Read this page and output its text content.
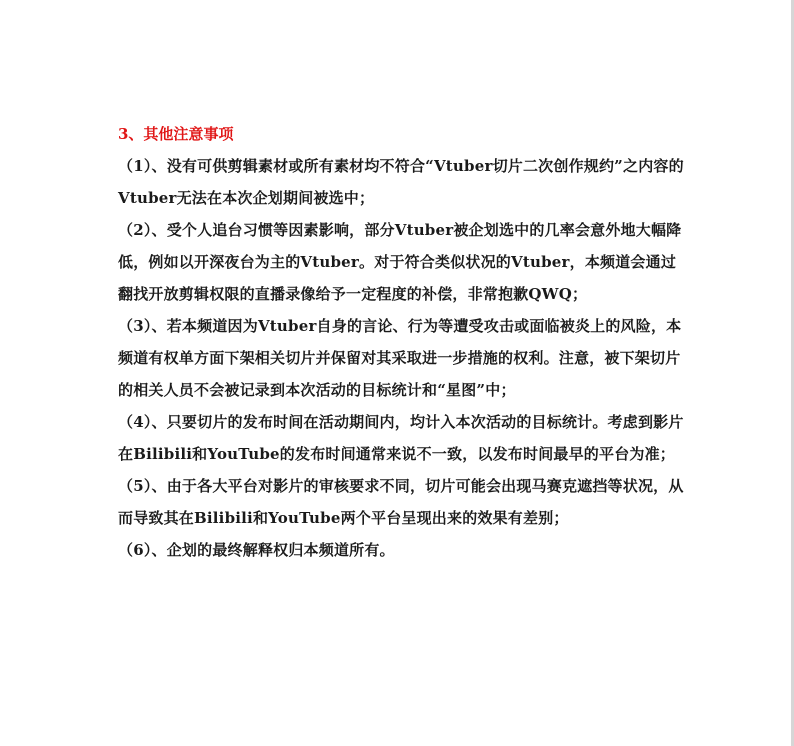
3、其他注意事项

（1）、没有可供剪辑素材或所有素材均不符合“Vtuber切片二次创作规约”之内容的Vtuber无法在本次企划期间被选中；

（2）、受个人追台习惯等因素影响，部分Vtuber被企划选中的几率会意外地大幅降低，例如以开深夜台为主的Vtuber。对于符合类似状况的Vtuber，本频道会通过翻找开放剪辑权限的直播录像给予一定程度的补偿，非常抱歉QWQ；

（3）、若本频道因为Vtuber自身的言论、行为等遭受攻击或面临被炎上的风险，本频道有权单方面下架相关切片并保留对其采取进一步措施的权利。注意，被下架切片的相关人员不会被记录到本次活动的目标统计和“星图”中；

（4）、只要切片的发布时间在活动期间内，均计入本次活动的目标统计。考虑到影片在Bilibili和YouTube的发布时间通常来说不一致，以发布时间最早的平台为准；

（5）、由于各大平台对影片的审核要求不同，切片可能会出现马赛克遮挡等状况，从而导致其在Bilibili和YouTube两个平台呈现出来的效果有差别；

（6）、企划的最终解释权归本频道所有。
